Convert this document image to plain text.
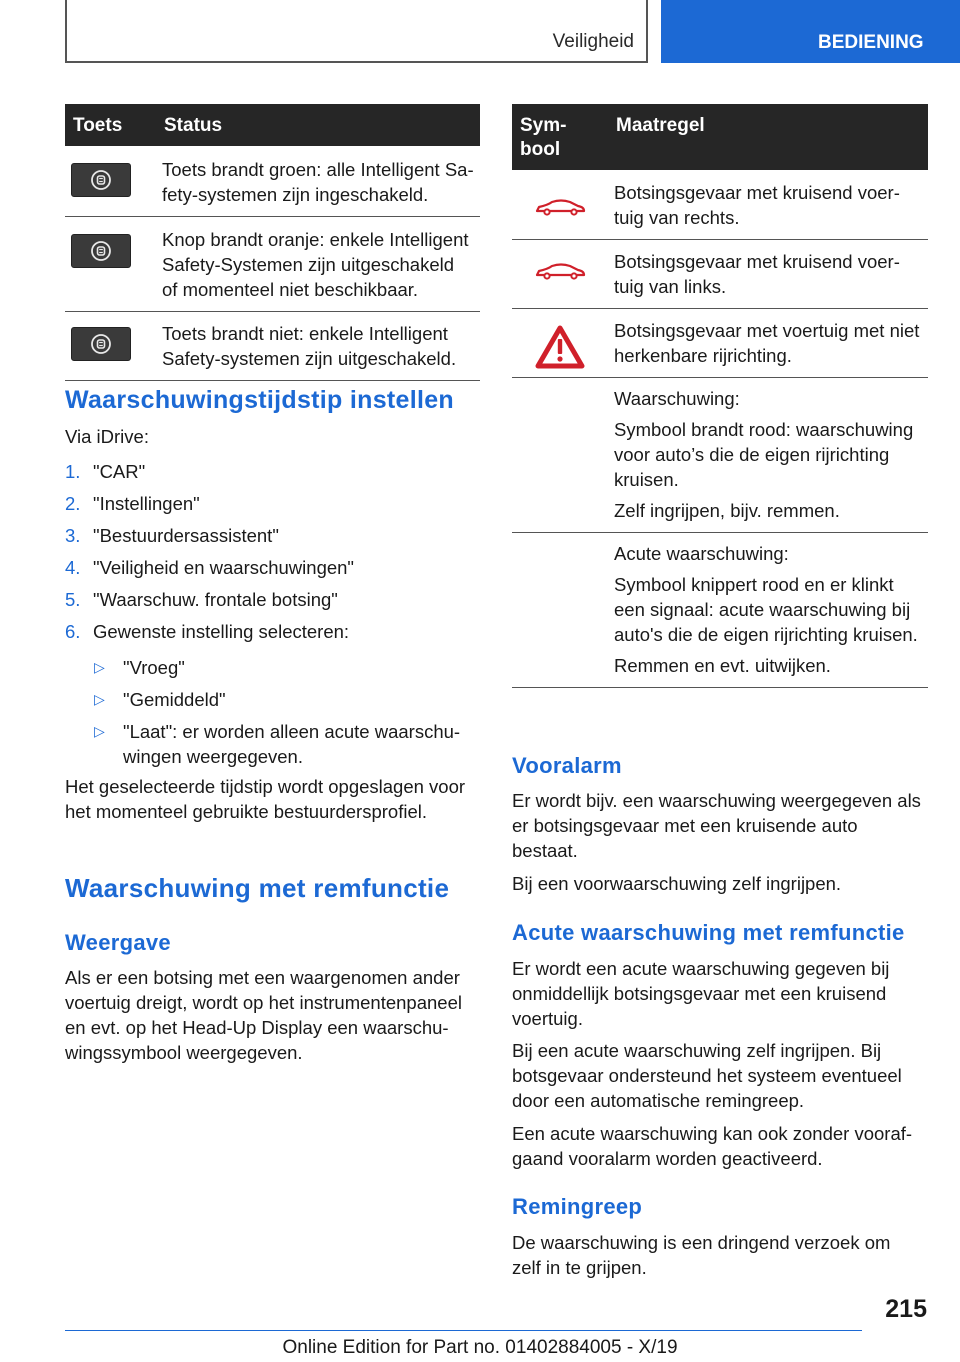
Veiligheid	BEDIENING
Toets	Status

	Toets brandt groen: alle Intelligent Safety-systemen zijn ingeschakeld.

	Knop brandt oranje: enkele Intelligent Safety-Systemen zijn uitgeschakeld of momenteel niet beschikbaar.

	Toets brandt niet: enkele Intelligent Safety-systemen zijn uitgeschakeld.
Symbool	Maatregel

Botsingsgevaar met kruisend voertuig van rechts.

Botsingsgevaar met kruisend voertuig van links.

Botsingsgevaar met voertuig met niet herkenbare rijrichting.

	Waarschuwing:

Symbool brandt rood: waarschuwing voor auto’s die de eigen rijrichting kruisen.

Zelf ingrijpen, bijv. remmen.

	Acute waarschuwing:

Symbool knippert rood en er klinkt een signaal: acute waarschuwing bij auto's die de eigen rijrichting kruisen.

Remmen en evt. uitwijken.

Waarschuwingstijdstip instellen

Via iDrive:

1. "CAR"
2. "Instellingen"
3. "Bestuurdersassistent"
4. "Veiligheid en waarschuwingen"
5. "Waarschuw. frontale botsing"
6. Gewenste instelling selecteren:
▷ "Vroeg"
▷ "Gemiddeld"
▷ "Laat": er worden alleen acute waarschuwingen weergegeven.

Het geselecteerde tijdstip wordt opgeslagen voor het momenteel gebruikte bestuurdersprofiel.

Waarschuwing met remfunctie
Weergave

Als er een botsing met een waargenomen ander voertuig dreigt, wordt op het instrumentenpaneel en evt. op het Head-Up Display een waarschuwingssymbool weergegeven.

Vooralarm

Er wordt bijv. een waarschuwing weergegeven als er botsingsgevaar met een kruisende auto bestaat.

Bij een voorwaarschuwing zelf ingrijpen.

Acute waarschuwing met remfunctie

Er wordt een acute waarschuwing gegeven bij onmiddellijk botsingsgevaar met een kruisend voertuig.

Bij een acute waarschuwing zelf ingrijpen. Bij botsgevaar ondersteund het systeem eventueel door een automatische remingreep.

Een acute waarschuwing kan ook zonder voorafgaand vooralarm worden geactiveerd.

Remingreep

De waarschuwing is een dringend verzoek om zelf in te grijpen.

215
Online Edition for Part no. 01402884005 - X/19
